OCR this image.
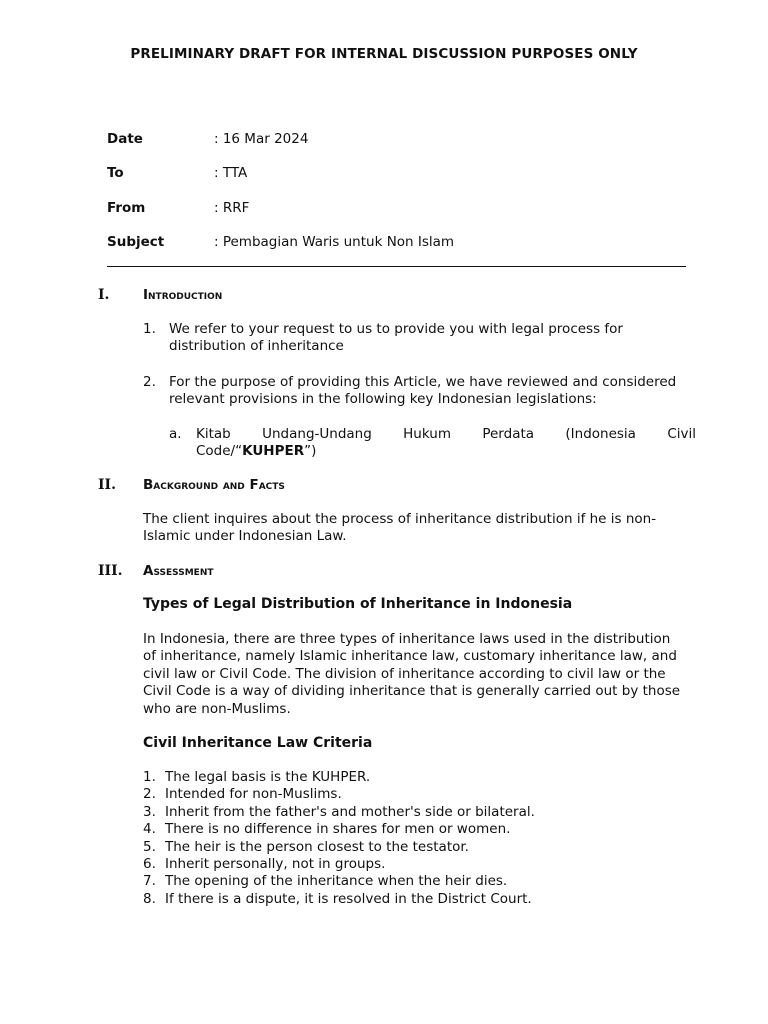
PRELIMINARY DRAFT FOR INTERNAL DISCUSSION PURPOSES ONLY
Date	: 16 Mar 2024
To	: TTA
From	: RRF
Subject	: Pembagian Waris untuk Non Islam
I. Introduction
1. We refer to your request to us to provide you with legal process for
distribution of inheritance
2. For the purpose of providing this Article, we have reviewed and considered
relevant provisions in the following key Indonesian legislations:
a. Kitab Undang-Undang Hukum Perdata (Indonesia Civil
Code/“KUHPER”)
II. Background and Facts
The client inquires about the process of inheritance distribution if he is non-
Islamic under Indonesian Law.
III. Assessment
Types of Legal Distribution of Inheritance in Indonesia
In Indonesia, there are three types of inheritance laws used in the distribution
of inheritance, namely Islamic inheritance law, customary inheritance law, and
civil law or Civil Code. The division of inheritance according to civil law or the
Civil Code is a way of dividing inheritance that is generally carried out by those
who are non-Muslims.
Civil Inheritance Law Criteria
1. The legal basis is the KUHPER.
2. Intended for non-Muslims.
3. Inherit from the father's and mother's side or bilateral.
4. There is no difference in shares for men or women.
5. The heir is the person closest to the testator.
6. Inherit personally, not in groups.
7. The opening of the inheritance when the heir dies.
8. If there is a dispute, it is resolved in the District Court.
